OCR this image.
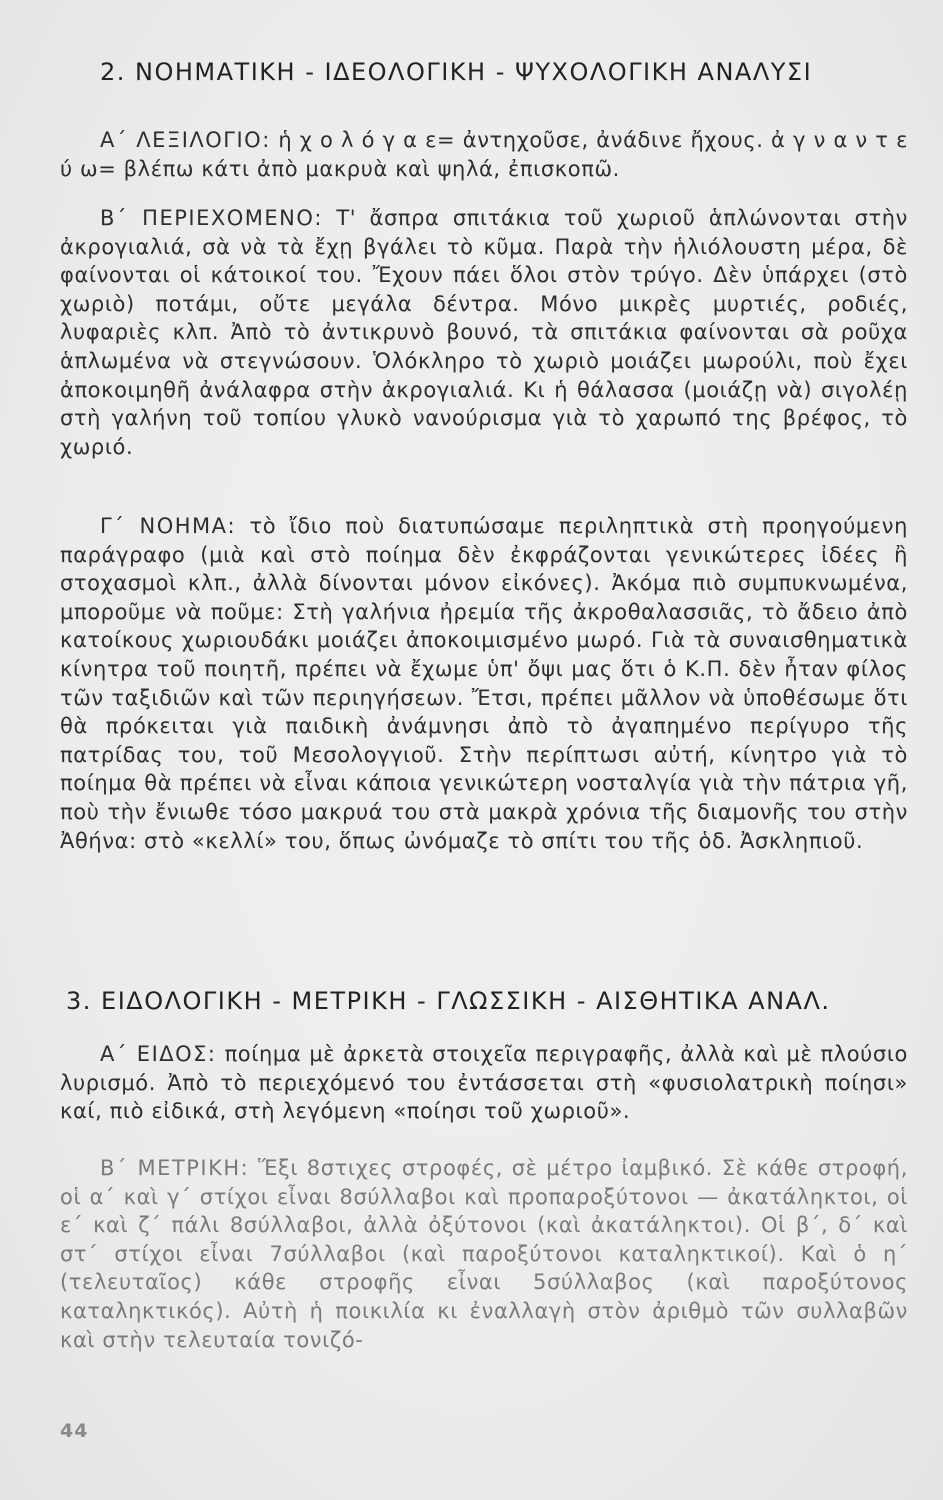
2. ΝΟΗΜΑΤΙΚΗ - ΙΔΕΟΛΟΓΙΚΗ - ΨΥΧΟΛΟΓΙΚΗ ΑΝΑΛΥΣΙ
Α΄ ΛΕΞΙΛΟΓΙΟ: ἡ χ ο λ ό γ α ε= ἀντηχοῦσε, ἀνάδινε ἤχους. ἀ γ ν α ν τ ε ύ ω= βλέπω κάτι ἀπὸ μακρυὰ καὶ ψηλά, ἐπισκοπῶ.
Β΄ ΠΕΡΙΕΧΟΜΕΝΟ: Τ' ἄσπρα σπιτάκια τοῦ χωριοῦ ἁπλώνονται στὴν ἀκρογιαλιά, σὰ νὰ τὰ ἔχῃ βγάλει τὸ κῦμα. Παρὰ τὴν ἡλιόλουστη μέρα, δὲ φαίνονται οἱ κάτοικοί του. Ἔχουν πάει ὅλοι στὸν τρύγο. Δὲν ὑπάρχει (στὸ χωριὸ) ποτάμι, οὔτε μεγάλα δέντρα. Μόνο μικρὲς μυρτιές, ροδιές, λυφαριὲς κλπ. Ἀπὸ τὸ ἀντικρυνὸ βουνό, τὰ σπιτάκια φαίνονται σὰ ροῦχα ἁπλωμένα νὰ στεγνώσουν. Ὁλόκληρο τὸ χωριὸ μοιάζει μωρούλι, ποὺ ἔχει ἀποκοιμηθῆ ἀνάλαφρα στὴν ἀκρογιαλιά. Κι ἡ θάλασσα (μοιάζῃ νὰ) σιγολέῃ στὴ γαλήνη τοῦ τοπίου γλυκὸ νανούρισμα γιὰ τὸ χαρωπό της βρέφος, τὸ χωριό.
Γ΄ ΝΟΗΜΑ: τὸ ἴδιο ποὺ διατυπώσαμε περιληπτικὰ στὴ προηγούμενη παράγραφο (μιὰ καὶ στὸ ποίημα δὲν ἐκφράζονται γενικώτερες ἰδέες ἢ στοχασμοὶ κλπ., ἀλλὰ δίνονται μόνον εἰκόνες). Ἀκόμα πιὸ συμπυκνωμένα, μποροῦμε νὰ ποῦμε: Στὴ γαλήνια ἠρεμία τῆς ἀκροθαλασσιᾶς, τὸ ἄδειο ἀπὸ κατοίκους χωριουδάκι μοιάζει ἀποκοιμισμένο μωρό. Γιὰ τὰ συναισθηματικὰ κίνητρα τοῦ ποιητῆ, πρέπει νὰ ἔχωμε ὑπ' ὄψι μας ὅτι ὁ Κ.Π. δὲν ἦταν φίλος τῶν ταξιδιῶν καὶ τῶν περιηγήσεων. Ἔτσι, πρέπει μᾶλλον νὰ ὑποθέσωμε ὅτι θὰ πρόκειται γιὰ παιδικὴ ἀνάμνησι ἀπὸ τὸ ἀγαπημένο περίγυρο τῆς πατρίδας του, τοῦ Μεσολογγιοῦ. Στὴν περίπτωσι αὐτή, κίνητρο γιὰ τὸ ποίημα θὰ πρέπει νὰ εἶναι κάποια γενικώτερη νοσταλγία γιὰ τὴν πάτρια γῆ, ποὺ τὴν ἔνιωθε τόσο μακρυά του στὰ μακρὰ χρόνια τῆς διαμονῆς του στὴν Ἀθήνα: στὸ «κελλί» του, ὅπως ὠνόμαζε τὸ σπίτι του τῆς ὁδ. Ἀσκληπιοῦ.
3. ΕΙΔΟΛΟΓΙΚΗ - ΜΕΤΡΙΚΗ - ΓΛΩΣΣΙΚΗ - ΑΙΣΘΗΤΙΚΑ ΑΝΑΛ.
Α΄ ΕΙΔΟΣ: ποίημα μὲ ἀρκετὰ στοιχεῖα περιγραφῆς, ἀλλὰ καὶ μὲ πλούσιο λυρισμό. Ἀπὸ τὸ περιεχόμενό του ἐντάσσεται στὴ «φυσιολατρικὴ ποίησι» καί, πιὸ εἰδικά, στὴ λεγόμενη «ποίησι τοῦ χωριοῦ».
Β΄ ΜΕΤΡΙΚΗ: Ἕξι 8στιχες στροφές, σὲ μέτρο ἰαμβικό. Σὲ κάθε στροφή, οἱ α΄ καὶ γ΄ στίχοι εἶναι 8σύλλαβοι καὶ προπαροξύτονοι — ἀκατάληκτοι, οἱ ε΄ καὶ ζ΄ πάλι 8σύλλαβοι, ἀλλὰ ὀξύτονοι (καὶ ἀκατάληκτοι). Οἱ β΄, δ΄ καὶ στ΄ στίχοι εἶναι 7σύλλαβοι (καὶ παροξύτονοι καταληκτικοί). Καὶ ὁ η΄ (τελευταῖος) κάθε στροφῆς εἶναι 5σύλλαβος (καὶ παροξύτονος καταληκτικός). Αὐτὴ ἡ ποικιλία κι ἐναλλαγὴ στὸν ἀριθμὸ τῶν συλλαβῶν καὶ στὴν τελευταία τονιζό-
44
